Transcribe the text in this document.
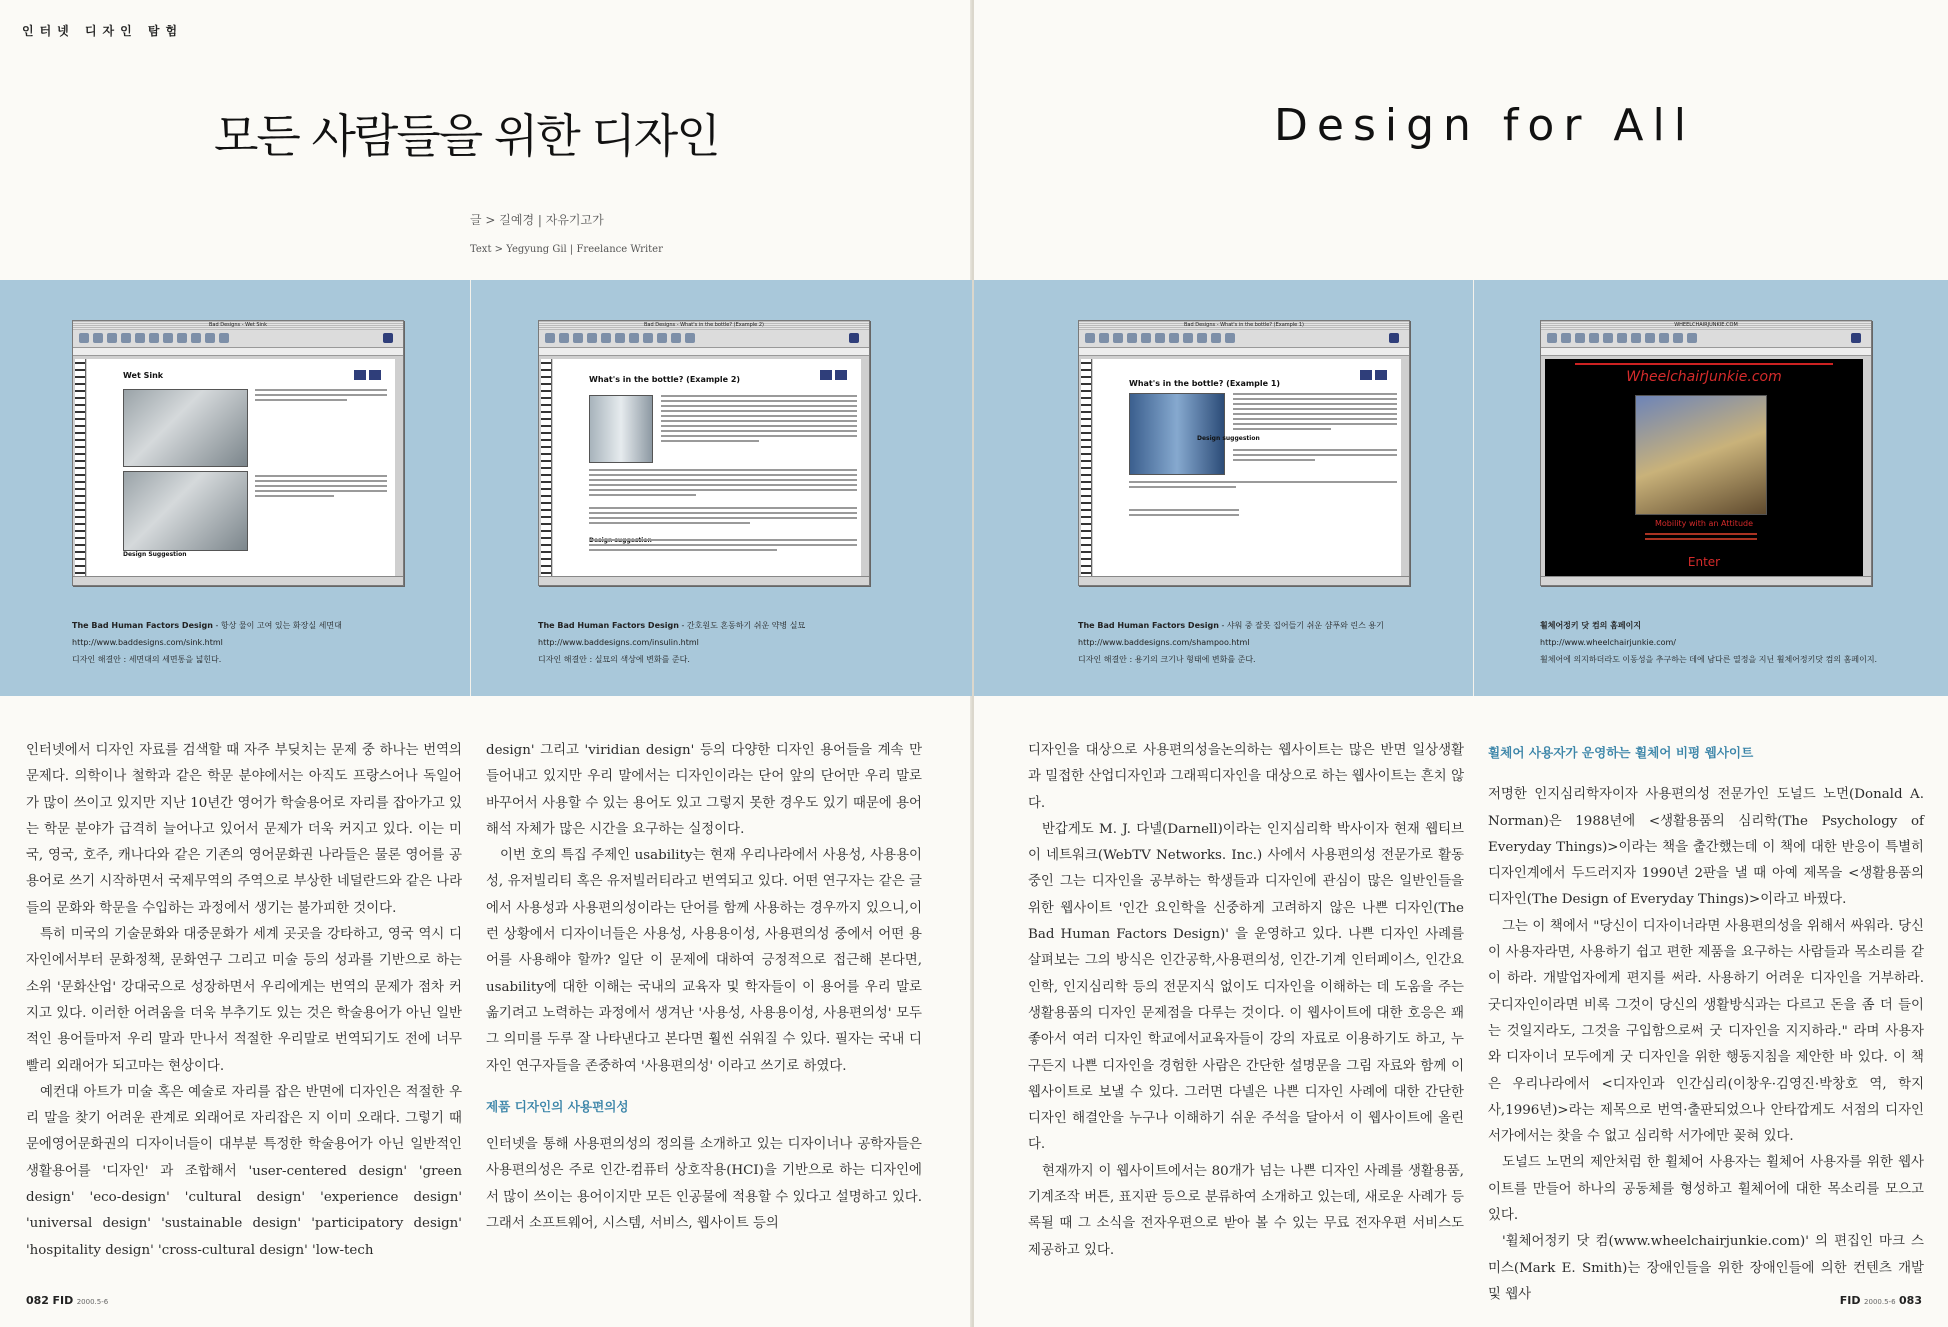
인터넷 디자인 탐험
모든 사람들을 위한 디자인
글 > 길예경 | 자유기고가
Text > Yegyung Gil | Freelance Writer
Design for All
Bad Designs - Wet Sink
Wet Sink
Design Suggestion
Bad Designs - What's in the bottle? (Example 2)
What's in the bottle? (Example 2)
Bad Designs - What's in the bottle? (Example 1)
What's in the bottle? (Example 1)
Design suggestion
WHEELCHAIRJUNKIE.COM
WheelchairJunkie.com
Mobility with an Attitude
Enter
The Bad Human Factors Design - 항상 물이 고여 있는 화장실 세면대
http://www.baddesigns.com/sink.html
디자인 해결안 : 세면대의 세면통을 넓힌다.
The Bad Human Factors Design - 간호원도 혼동하기 쉬운 약병 실묘
http://www.baddesigns.com/insulin.html
디자인 해결안 : 실묘의 색상에 변화를 준다.
The Bad Human Factors Design - 샤워 중 잘못 집어들기 쉬운 샴푸와 린스 용기
http://www.baddesigns.com/shampoo.html
디자인 해결안 : 용기의 크기나 형태에 변화를 준다.
휠체어정키 닷 컴의 홈페이지
http://www.wheelchairjunkie.com/
휠체어에 의지하더라도 이동성을 추구하는 데에 남다른 열정을 지닌 휠체어정키닷 컴의 홈페이지.

인터넷에서 디자인 자료를 검색할 때 자주 부딪치는 문제 중 하나는 번역의 문제다. 의학이나 철학과 같은 학문 분야에서는 아직도 프랑스어나 독일어가 많이 쓰이고 있지만 지난 10년간 영어가 학술용어로 자리를 잡아가고 있는 학문 분야가 급격히 늘어나고 있어서 문제가 더욱 커지고 있다. 이는 미국, 영국, 호주, 캐나다와 같은 기존의 영어문화권 나라들은 물론 영어를 공용어로 쓰기 시작하면서 국제무역의 주역으로 부상한 네덜란드와 같은 나라들의 문화와 학문을 수입하는 과정에서 생기는 불가피한 것이다.

특히 미국의 기술문화와 대중문화가 세계 곳곳을 강타하고, 영국 역시 디자인에서부터 문화정책, 문화연구 그리고 미술 등의 성과를 기반으로 하는 소위 '문화산업' 강대국으로 성장하면서 우리에게는 번역의 문제가 점차 커지고 있다. 이러한 어려움을 더욱 부추기도 있는 것은 학술용어가 아닌 일반적인 용어들마저 우리 말과 만나서 적절한 우리말로 번역되기도 전에 너무 빨리 외래어가 되고마는 현상이다.

예컨대 아트가 미술 혹은 예술로 자리를 잡은 반면에 디자인은 적절한 우리 말을 찾기 어려운 관계로 외래어로 자리잡은 지 이미 오래다. 그렇기 때문에영어문화권의 디자이너들이 대부분 특정한 학술용어가 아닌 일반적인 생활용어를 '디자인' 과 조합해서 'user-centered design' 'green design' 'eco-design' 'cultural design' 'experience design' 'universal design' 'sustainable design' 'participatory design' 'hospitality design' 'cross-cultural design' 'low-tech

design' 그리고 'viridian design' 등의 다양한 디자인 용어들을 계속 만들어내고 있지만 우리 말에서는 디자인이라는 단어 앞의 단어만 우리 말로 바꾸어서 사용할 수 있는 용어도 있고 그렇지 못한 경우도 있기 때문에 용어 해석 자체가 많은 시간을 요구하는 실정이다.

이번 호의 특집 주제인 usability는 현재 우리나라에서 사용성, 사용용이성, 유저빌리티 혹은 유저빌러티라고 번역되고 있다. 어떤 연구자는 같은 글에서 사용성과 사용편의성이라는 단어를 함께 사용하는 경우까지 있으니,이런 상황에서 디자이너들은 사용성, 사용용이성, 사용편의성 중에서 어떤 용어를 사용해야 할까? 일단 이 문제에 대하여 긍정적으로 접근해 본다면, usability에 대한 이해는 국내의 교육자 및 학자들이 이 용어를 우리 말로 옮기려고 노력하는 과정에서 생겨난 '사용성, 사용용이성, 사용편의성' 모두 그 의미를 두루 잘 나타낸다고 본다면 훨씬 쉬워질 수 있다. 필자는 국내 디자인 연구자들을 존중하여 '사용편의성' 이라고 쓰기로 하였다.

제품 디자인의 사용편의성

인터넷을 통해 사용편의성의 정의를 소개하고 있는 디자이너나 공학자들은 사용편의성은 주로 인간-컴퓨터 상호작용(HCI)을 기반으로 하는 디자인에서 많이 쓰이는 용어이지만 모든 인공물에 적용할 수 있다고 설명하고 있다. 그래서 소프트웨어, 시스템, 서비스, 웹사이트 등의

디자인을 대상으로 사용편의성을논의하는 웹사이트는 많은 반면 일상생활과 밀접한 산업디자인과 그래픽디자인을 대상으로 하는 웹사이트는 흔치 않다.

반갑게도 M. J. 다넬(Darnell)이라는 인지심리학 박사이자 현재 웹티브이 네트워크(WebTV Networks. Inc.) 사에서 사용편의성 전문가로 활동중인 그는 디자인을 공부하는 학생들과 디자인에 관심이 많은 일반인들을 위한 웹사이트 '인간 요인학을 신중하게 고려하지 않은 나쁜 디자인(The Bad Human Factors Design)' 을 운영하고 있다. 나쁜 디자인 사례를 살펴보는 그의 방식은 인간공학,사용편의성, 인간-기계 인터페이스, 인간요인학, 인지심리학 등의 전문지식 없이도 디자인을 이해하는 데 도움을 주는 생활용품의 디자인 문제점을 다루는 것이다. 이 웹사이트에 대한 호응은 꽤 좋아서 여러 디자인 학교에서교육자들이 강의 자료로 이용하기도 하고, 누구든지 나쁜 디자인을 경험한 사람은 간단한 설명문을 그림 자료와 함께 이 웹사이트로 보낼 수 있다. 그러면 다넬은 나쁜 디자인 사례에 대한 간단한 디자인 해결안을 누구나 이해하기 쉬운 주석을 달아서 이 웹사이트에 올린다.

현재까지 이 웹사이트에서는 80개가 넘는 나쁜 디자인 사례를 생활용품, 기계조작 버튼, 표지판 등으로 분류하여 소개하고 있는데, 새로운 사례가 등록될 때 그 소식을 전자우편으로 받아 볼 수 있는 무료 전자우편 서비스도 제공하고 있다.

휠체어 사용자가 운영하는 휠체어 비평 웹사이트

저명한 인지심리학자이자 사용편의성 전문가인 도널드 노먼(Donald A. Norman)은 1988년에 <생활용품의 심리학(The Psychology of Everyday Things)>이라는 책을 출간했는데 이 책에 대한 반응이 특별히 디자인계에서 두드러지자 1990년 2판을 낼 때 아예 제목을 <생활용품의 디자인(The Design of Everyday Things)>이라고 바꿨다.

그는 이 책에서 "당신이 디자이너라면 사용편의성을 위해서 싸워라. 당신이 사용자라면, 사용하기 쉽고 편한 제품을 요구하는 사람들과 목소리를 같이 하라. 개발업자에게 편지를 써라. 사용하기 어려운 디자인을 거부하라. 굿디자인이라면 비록 그것이 당신의 생활방식과는 다르고 돈을 좀 더 들이는 것일지라도, 그것을 구입함으로써 굿 디자인을 지지하라." 라며 사용자와 디자이너 모두에게 굿 디자인을 위한 행동지침을 제안한 바 있다. 이 책은 우리나라에서 <디자인과 인간심리(이창우·김영진·박창호 역, 학지사,1996년)>라는 제목으로 번역·출판되었으나 안타깝게도 서점의 디자인 서가에서는 찾을 수 없고 심리학 서가에만 꽂혀 있다.

도널드 노먼의 제안처럼 한 휠체어 사용자는 휠체어 사용자를 위한 웹사이트를 만들어 하나의 공동체를 형성하고 휠체어에 대한 목소리를 모으고 있다.

'휠체어정키 닷 컴(www.wheelchairjunkie.com)' 의 편집인 마크 스미스(Mark E. Smith)는 장애인들을 위한 장애인들에 의한 컨텐츠 개발 및 웹사

082 FID 2000.5-6	FID 2000.5-6 083
